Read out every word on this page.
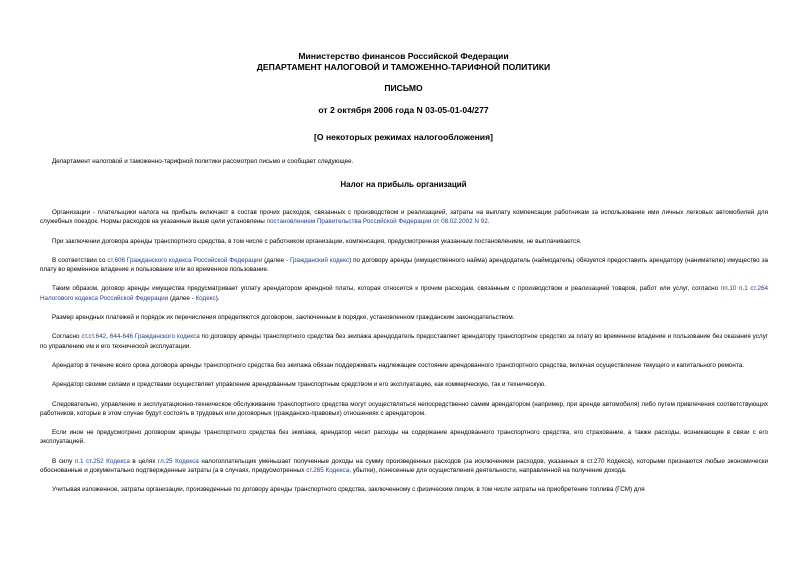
Министерство финансов Российской Федерации
ДЕПАРТАМЕНТ НАЛОГОВОЙ И ТАМОЖЕННО-ТАРИФНОЙ ПОЛИТИКИ
ПИСЬМО
от 2 октября 2006 года N 03-05-01-04/277
[О некоторых режимах налогообложения]
Департамент налоговой и таможенно-тарифной политики рассмотрел письмо и сообщает следующее.
Налог на прибыль организаций

Организации - плательщики налога на прибыль включают в состав прочих расходов, связанных с производством и реализацией, затраты на выплату компенсации работникам за использование ими личных легковых автомобилей для служебных поездок. Нормы расходов на указанные выше цели установлены постановлением Правительства Российской Федерации от 08.02.2002 N 92.

При заключении договора аренды транспортного средства, в том числе с работником организации, компенсация, предусмотренная указанным постановлением, не выплачивается.

В соответствии со ст.606 Гражданского кодекса Российской Федерации (далее - Гражданский кодекс) по договору аренды (имущественного найма) арендодатель (наймодатель) обязуется предоставить арендатору (нанимателю) имущество за плату во временное владение и пользование или во временное пользование.

Таким образом, договор аренды имущества предусматривает уплату арендатором арендной платы, которая относится к прочим расходам, связанным с производством и реализацией товаров, работ или услуг, согласно пп.10 п.1 ст.264 Налогового кодекса Российской Федерации (далее - Кодекс).

Размер арендных платежей и порядок их перечисления определяются договором, заключенным в порядке, установленном гражданским законодательством.

Согласно ст.ст.642, 644-646 Гражданского кодекса по договору аренды транспортного средства без экипажа арендодатель предоставляет арендатору транспортное средство за плату во временное владение и пользование без оказания услуг по управлению им и его технической эксплуатации.

Арендатор в течение всего срока договора аренды транспортного средства без экипажа обязан поддерживать надлежащее состояние арендованного транспортного средства, включая осуществление текущего и капитального ремонта.

Арендатор своими силами и средствами осуществляет управление арендованным транспортным средством и его эксплуатацию, как коммерческую, так и техническую.

Следовательно, управление и эксплуатационно-техническое обслуживание транспортного средства могут осуществляться непосредственно самим арендатором (например, при аренде автомобиля) либо путем привлечения соответствующих работников, которые в этом случае будут состоять в трудовых или договорных (гражданско-правовых) отношениях с арендатором.

Если иное не предусмотрено договором аренды транспортного средства без экипажа, арендатор несет расходы на содержание арендованного транспортного средства, его страхование, а также расходы, возникающие в связи с его эксплуатацией.

В силу п.1 ст.252 Кодекса в целях гл.25 Кодекса налогоплательщик уменьшает полученные доходы на сумму произведенных расходов (за исключением расходов, указанных в ст.270 Кодекса), которыми признаются любые экономически обоснованные и документально подтвержденные затраты (а в случаях, предусмотренных ст.265 Кодекса, убытки), понесенные для осуществления деятельности, направленной на получение дохода.

Учитывая изложенное, затраты организации, произведенные по договору аренды транспортного средства, заключенному с физическим лицом, в том числе затраты на приобретение топлива (ГСМ) для
